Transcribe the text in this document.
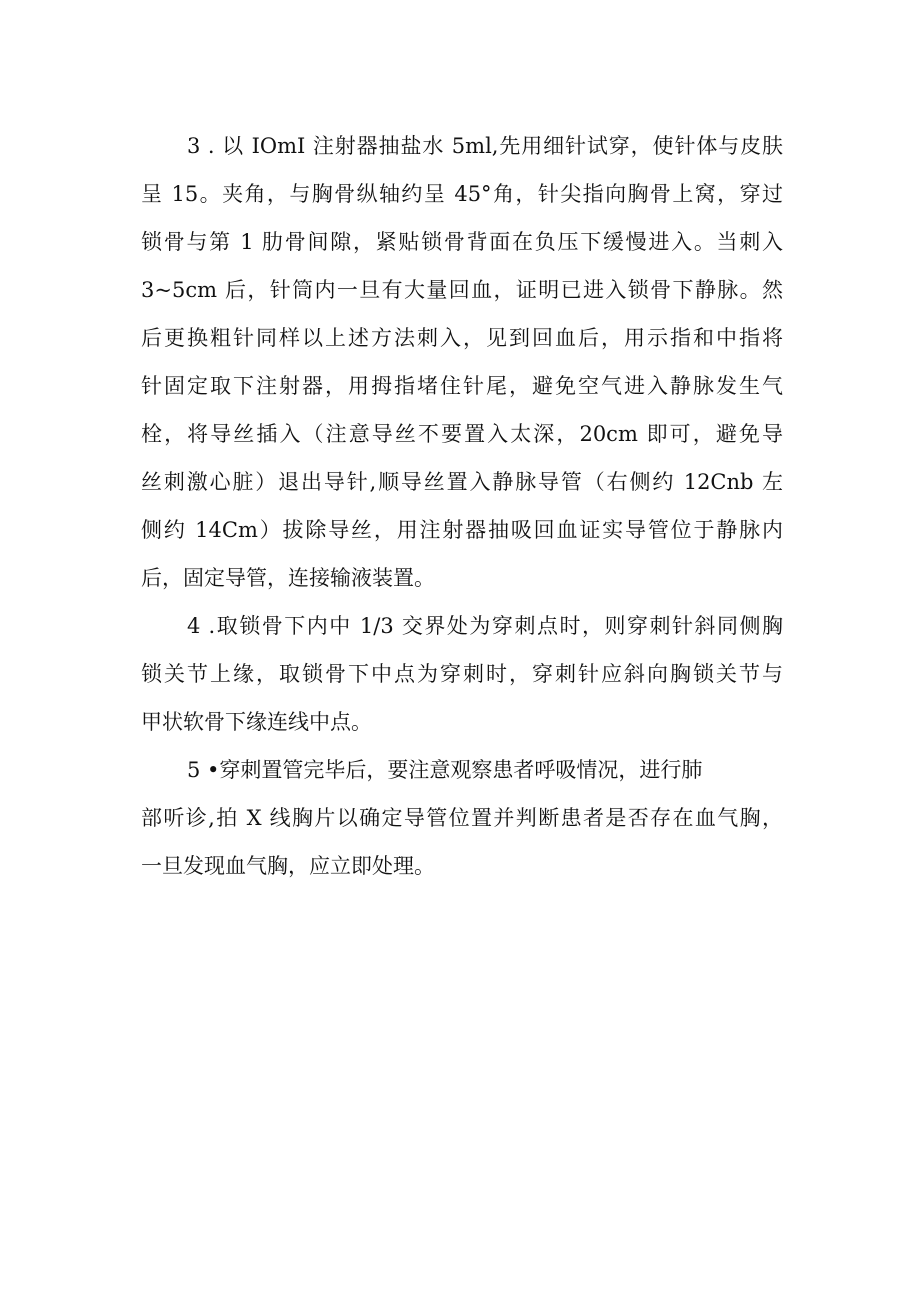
3 . 以 IOmI 注射器抽盐水 5ml,先用细针试穿，使针体与皮肤
呈 15。夹角，与胸骨纵轴约呈 45°角，针尖指向胸骨上窝，穿过
锁骨与第 1 肋骨间隙，紧贴锁骨背面在负压下缓慢进入。当刺入
3~5cm 后，针筒内一旦有大量回血，证明已进入锁骨下静脉。然
后更换粗针同样以上述方法刺入，见到回血后，用示指和中指将
针固定取下注射器，用拇指堵住针尾，避免空气进入静脉发生气
栓，将导丝插入（注意导丝不要置入太深，20cm 即可，避免导
丝刺激心脏）退出导针,顺导丝置入静脉导管（右侧约 12Cnb 左
侧约 14Cm）拔除导丝，用注射器抽吸回血证实导管位于静脉内
后，固定导管，连接输液装置。
4 .取锁骨下内中 1/3 交界处为穿刺点时，则穿刺针斜同侧胸
锁关节上缘，取锁骨下中点为穿刺时，穿刺针应斜向胸锁关节与
甲状软骨下缘连线中点。
5 •穿刺置管完毕后，要注意观察患者呼吸情况，进行肺
部听诊,拍 X 线胸片以确定导管位置并判断患者是否存在血气胸，
一旦发现血气胸，应立即处理。
